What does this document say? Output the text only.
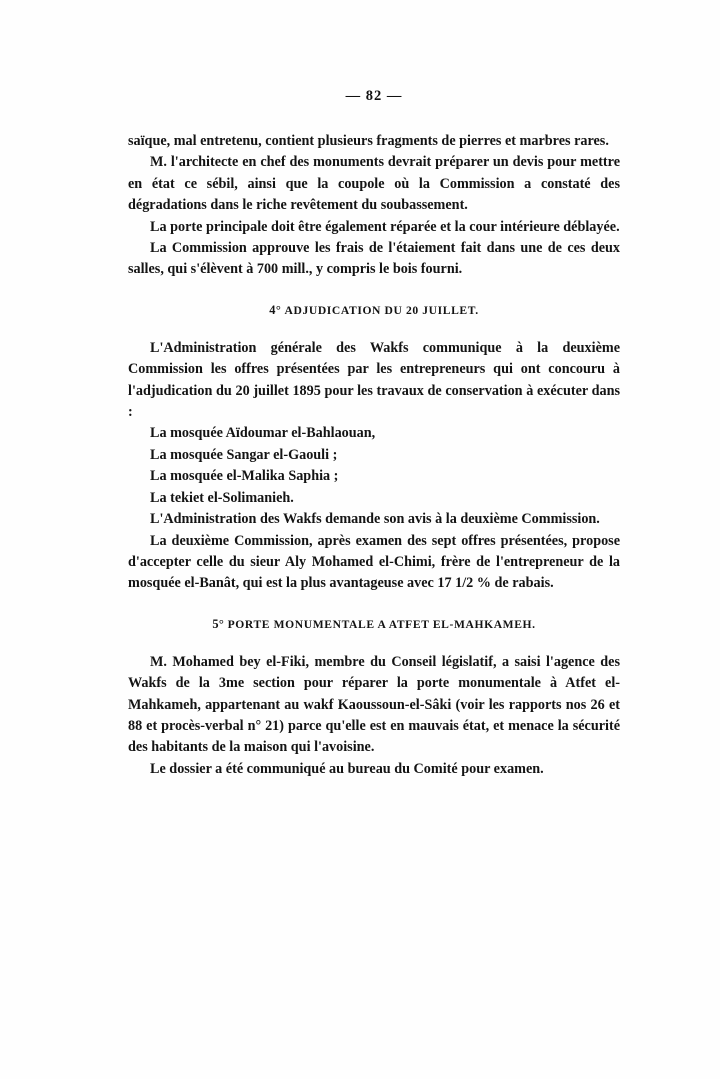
— 82 —

saïque, mal entretenu, contient plusieurs fragments de pierres et marbres rares.

M. l'architecte en chef des monuments devrait préparer un devis pour mettre en état ce sébil, ainsi que la coupole où la Commission a constaté des dégradations dans le riche revêtement du soubassement.

La porte principale doit être également réparée et la cour intérieure déblayée.

La Commission approuve les frais de l'étaiement fait dans une de ces deux salles, qui s'élèvent à 700 mill., y compris le bois fourni.

4° ADJUDICATION DU 20 JUILLET.

L'Administration générale des Wakfs communique à la deuxième Commission les offres présentées par les entrepreneurs qui ont concouru à l'adjudication du 20 juillet 1895 pour les travaux de conservation à exécuter dans :

La mosquée Aïdoumar el-Bahlaouan,

La mosquée Sangar el-Gaouli ;

La mosquée el-Malika Saphia ;

La tekiet el-Solimanieh.

L'Administration des Wakfs demande son avis à la deuxième Commission.

La deuxième Commission, après examen des sept offres présentées, propose d'accepter celle du sieur Aly Mohamed el-Chimi, frère de l'entrepreneur de la mosquée el-Banât, qui est la plus avantageuse avec 17 1/2 % de rabais.

5° PORTE MONUMENTALE A ATFET EL-MAHKAMEH.

M. Mohamed bey el-Fiki, membre du Conseil législatif, a saisi l'agence des Wakfs de la 3me section pour réparer la porte monumentale à Atfet el-Mahkameh, appartenant au wakf Kaoussoun-el-Sâki (voir les rapports nos 26 et 88 et procès-verbal n° 21) parce qu'elle est en mauvais état, et menace la sécurité des habitants de la maison qui l'avoisine.

Le dossier a été communiqué au bureau du Comité pour examen.
